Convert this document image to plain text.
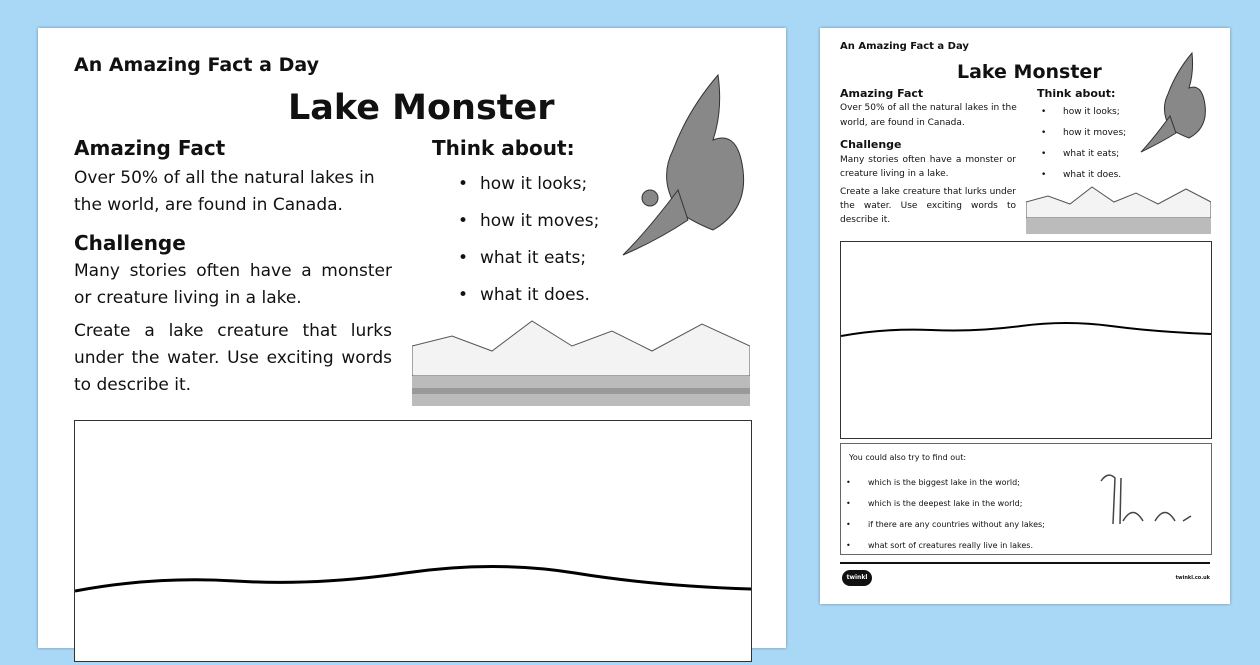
An Amazing Fact a Day

Lake Monster

Amazing Fact

Over 50% of all the natural lakes in the world, are found in Canada.

Challenge

Many stories often have a monster or creature living in a lake.

Create a lake creature that lurks under the water. Use exciting words to describe it.

Think about:

• how it looks;
• how it moves;
• what it eats;
• what it does.

An Amazing Fact a Day

Lake Monster

Amazing Fact

Over 50% of all the natural lakes in the world, are found in Canada.

Challenge

Many stories often have a monster or creature living in a lake.

Create a lake creature that lurks under the water. Use exciting words to describe it.

Think about:

• how it looks;
• how it moves;
• what it eats;
• what it does.

You could also try to find out:

• which is the biggest lake in the world;
• which is the deepest lake in the world;
• if there are any countries without any lakes;
• what sort of creatures really live in lakes.
twinkl	twinkl.co.uk
